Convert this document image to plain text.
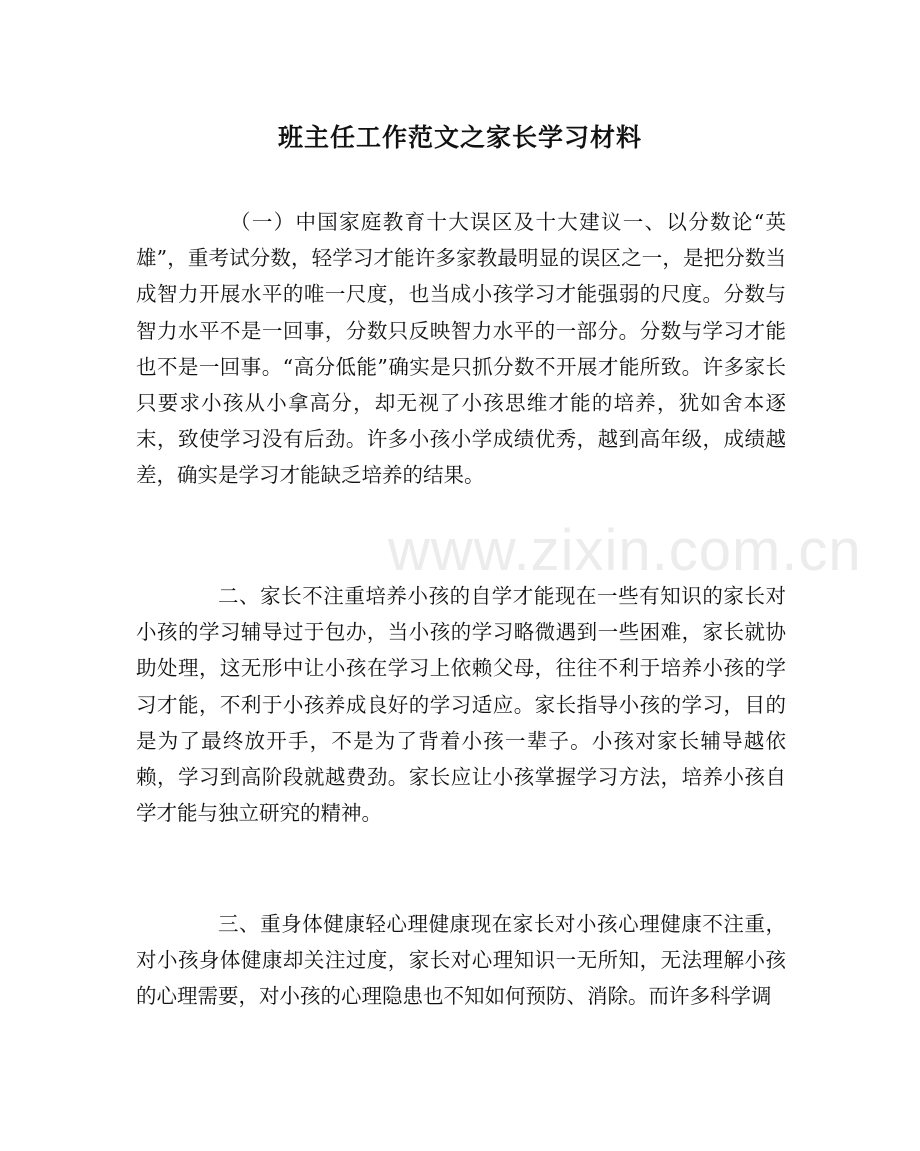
班主任工作范文之家长学习材料

（一）中国家庭教育十大误区及十大建议一、以分数论“英雄”，重考试分数，轻学习才能许多家教最明显的误区之一，是把分数当成智力开展水平的唯一尺度，也当成小孩学习才能强弱的尺度。分数与智力水平不是一回事，分数只反映智力水平的一部分。分数与学习才能也不是一回事。“高分低能”确实是只抓分数不开展才能所致。许多家长只要求小孩从小拿高分，却无视了小孩思维才能的培养，犹如舍本逐末，致使学习没有后劲。许多小孩小学成绩优秀，越到高年级，成绩越差，确实是学习才能缺乏培养的结果。

二、家长不注重培养小孩的自学才能现在一些有知识的家长对小孩的学习辅导过于包办，当小孩的学习略微遇到一些困难，家长就协助处理，这无形中让小孩在学习上依赖父母，往往不利于培养小孩的学习才能，不利于小孩养成良好的学习适应。家长指导小孩的学习，目的是为了最终放开手，不是为了背着小孩一辈子。小孩对家长辅导越依赖，学习到高阶段就越费劲。家长应让小孩掌握学习方法，培养小孩自学才能与独立研究的精神。

三、重身体健康轻心理健康现在家长对小孩心理健康不注重，对小孩身体健康却关注过度，家长对心理知识一无所知，无法理解小孩的心理需要，对小孩的心理隐患也不知如何预防、消除。而许多科学调

www.zixin.com.cn
